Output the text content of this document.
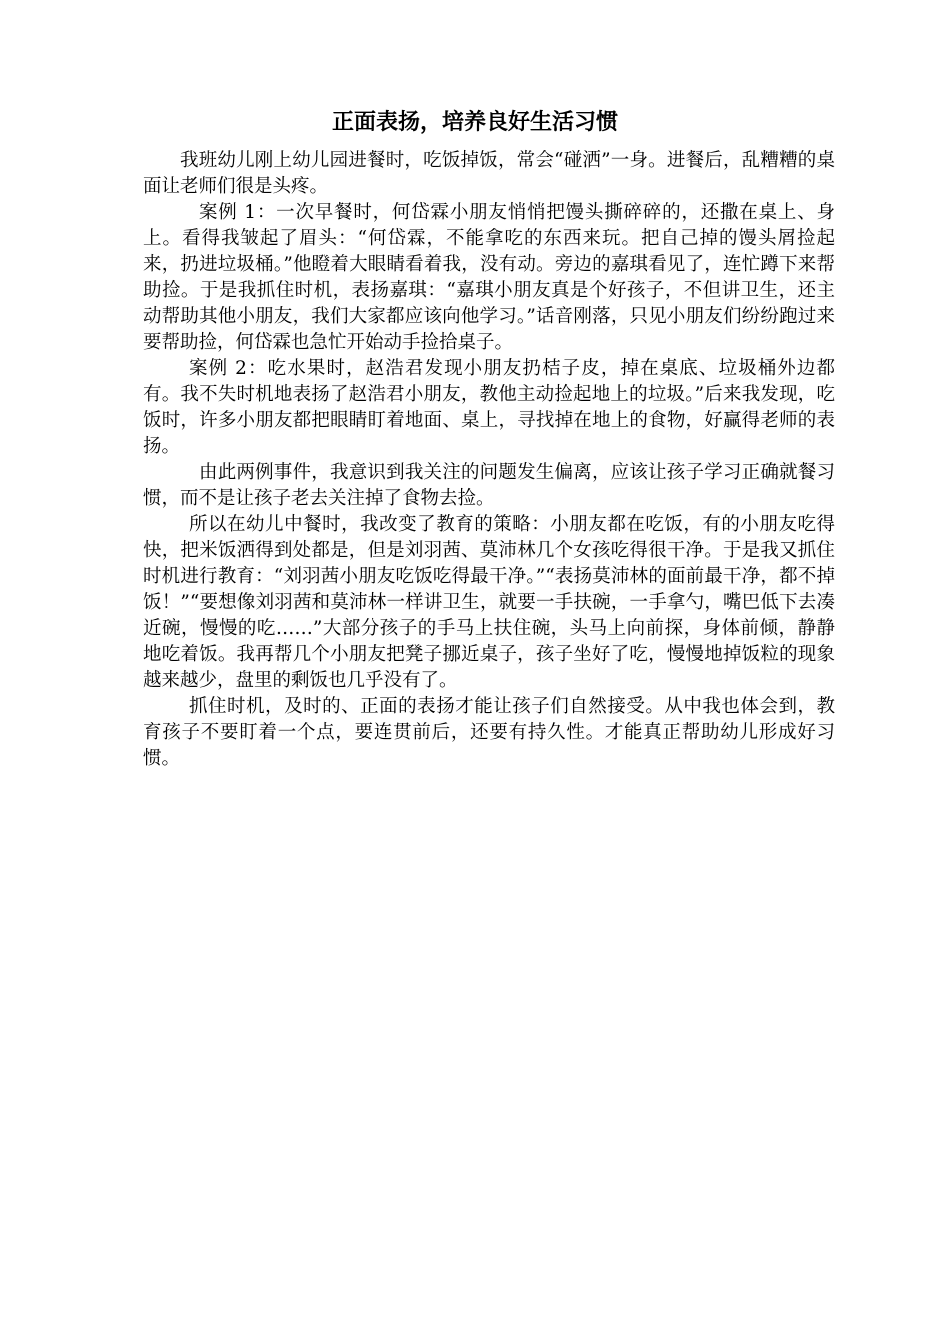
正面表扬，培养良好生活习惯

我班幼儿刚上幼儿园进餐时，吃饭掉饭，常会“碰洒”一身。进餐后，乱糟糟的桌面让老师们很是头疼。

案例 1：一次早餐时，何岱霖小朋友悄悄把馒头撕碎碎的，还撒在桌上、身上。看得我皱起了眉头：“何岱霖，不能拿吃的东西来玩。把自己掉的馒头屑捡起来，扔进垃圾桶。”他瞪着大眼睛看着我，没有动。旁边的嘉琪看见了，连忙蹲下来帮助捡。于是我抓住时机，表扬嘉琪：“嘉琪小朋友真是个好孩子，不但讲卫生，还主动帮助其他小朋友，我们大家都应该向他学习。”话音刚落，只见小朋友们纷纷跑过来要帮助捡，何岱霖也急忙开始动手捡拾桌子。

案例 2：吃水果时，赵浩君发现小朋友扔桔子皮，掉在桌底、垃圾桶外边都有。我不失时机地表扬了赵浩君小朋友，教他主动捡起地上的垃圾。”后来我发现，吃饭时，许多小朋友都把眼睛盯着地面、桌上，寻找掉在地上的食物，好赢得老师的表扬。

由此两例事件，我意识到我关注的问题发生偏离，应该让孩子学习正确就餐习惯，而不是让孩子老去关注掉了食物去捡。

所以在幼儿中餐时，我改变了教育的策略：小朋友都在吃饭，有的小朋友吃得快，把米饭洒得到处都是，但是刘羽茜、莫沛林几个女孩吃得很干净。于是我又抓住时机进行教育：“刘羽茜小朋友吃饭吃得最干净。”“表扬莫沛林的面前最干净，都不掉饭！”“要想像刘羽茜和莫沛林一样讲卫生，就要一手扶碗，一手拿勺，嘴巴低下去凑近碗，慢慢的吃……”大部分孩子的手马上扶住碗，头马上向前探，身体前倾，静静地吃着饭。我再帮几个小朋友把凳子挪近桌子，孩子坐好了吃，慢慢地掉饭粒的现象越来越少，盘里的剩饭也几乎没有了。

抓住时机，及时的、正面的表扬才能让孩子们自然接受。从中我也体会到，教育孩子不要盯着一个点，要连贯前后，还要有持久性。才能真正帮助幼儿形成好习惯。
